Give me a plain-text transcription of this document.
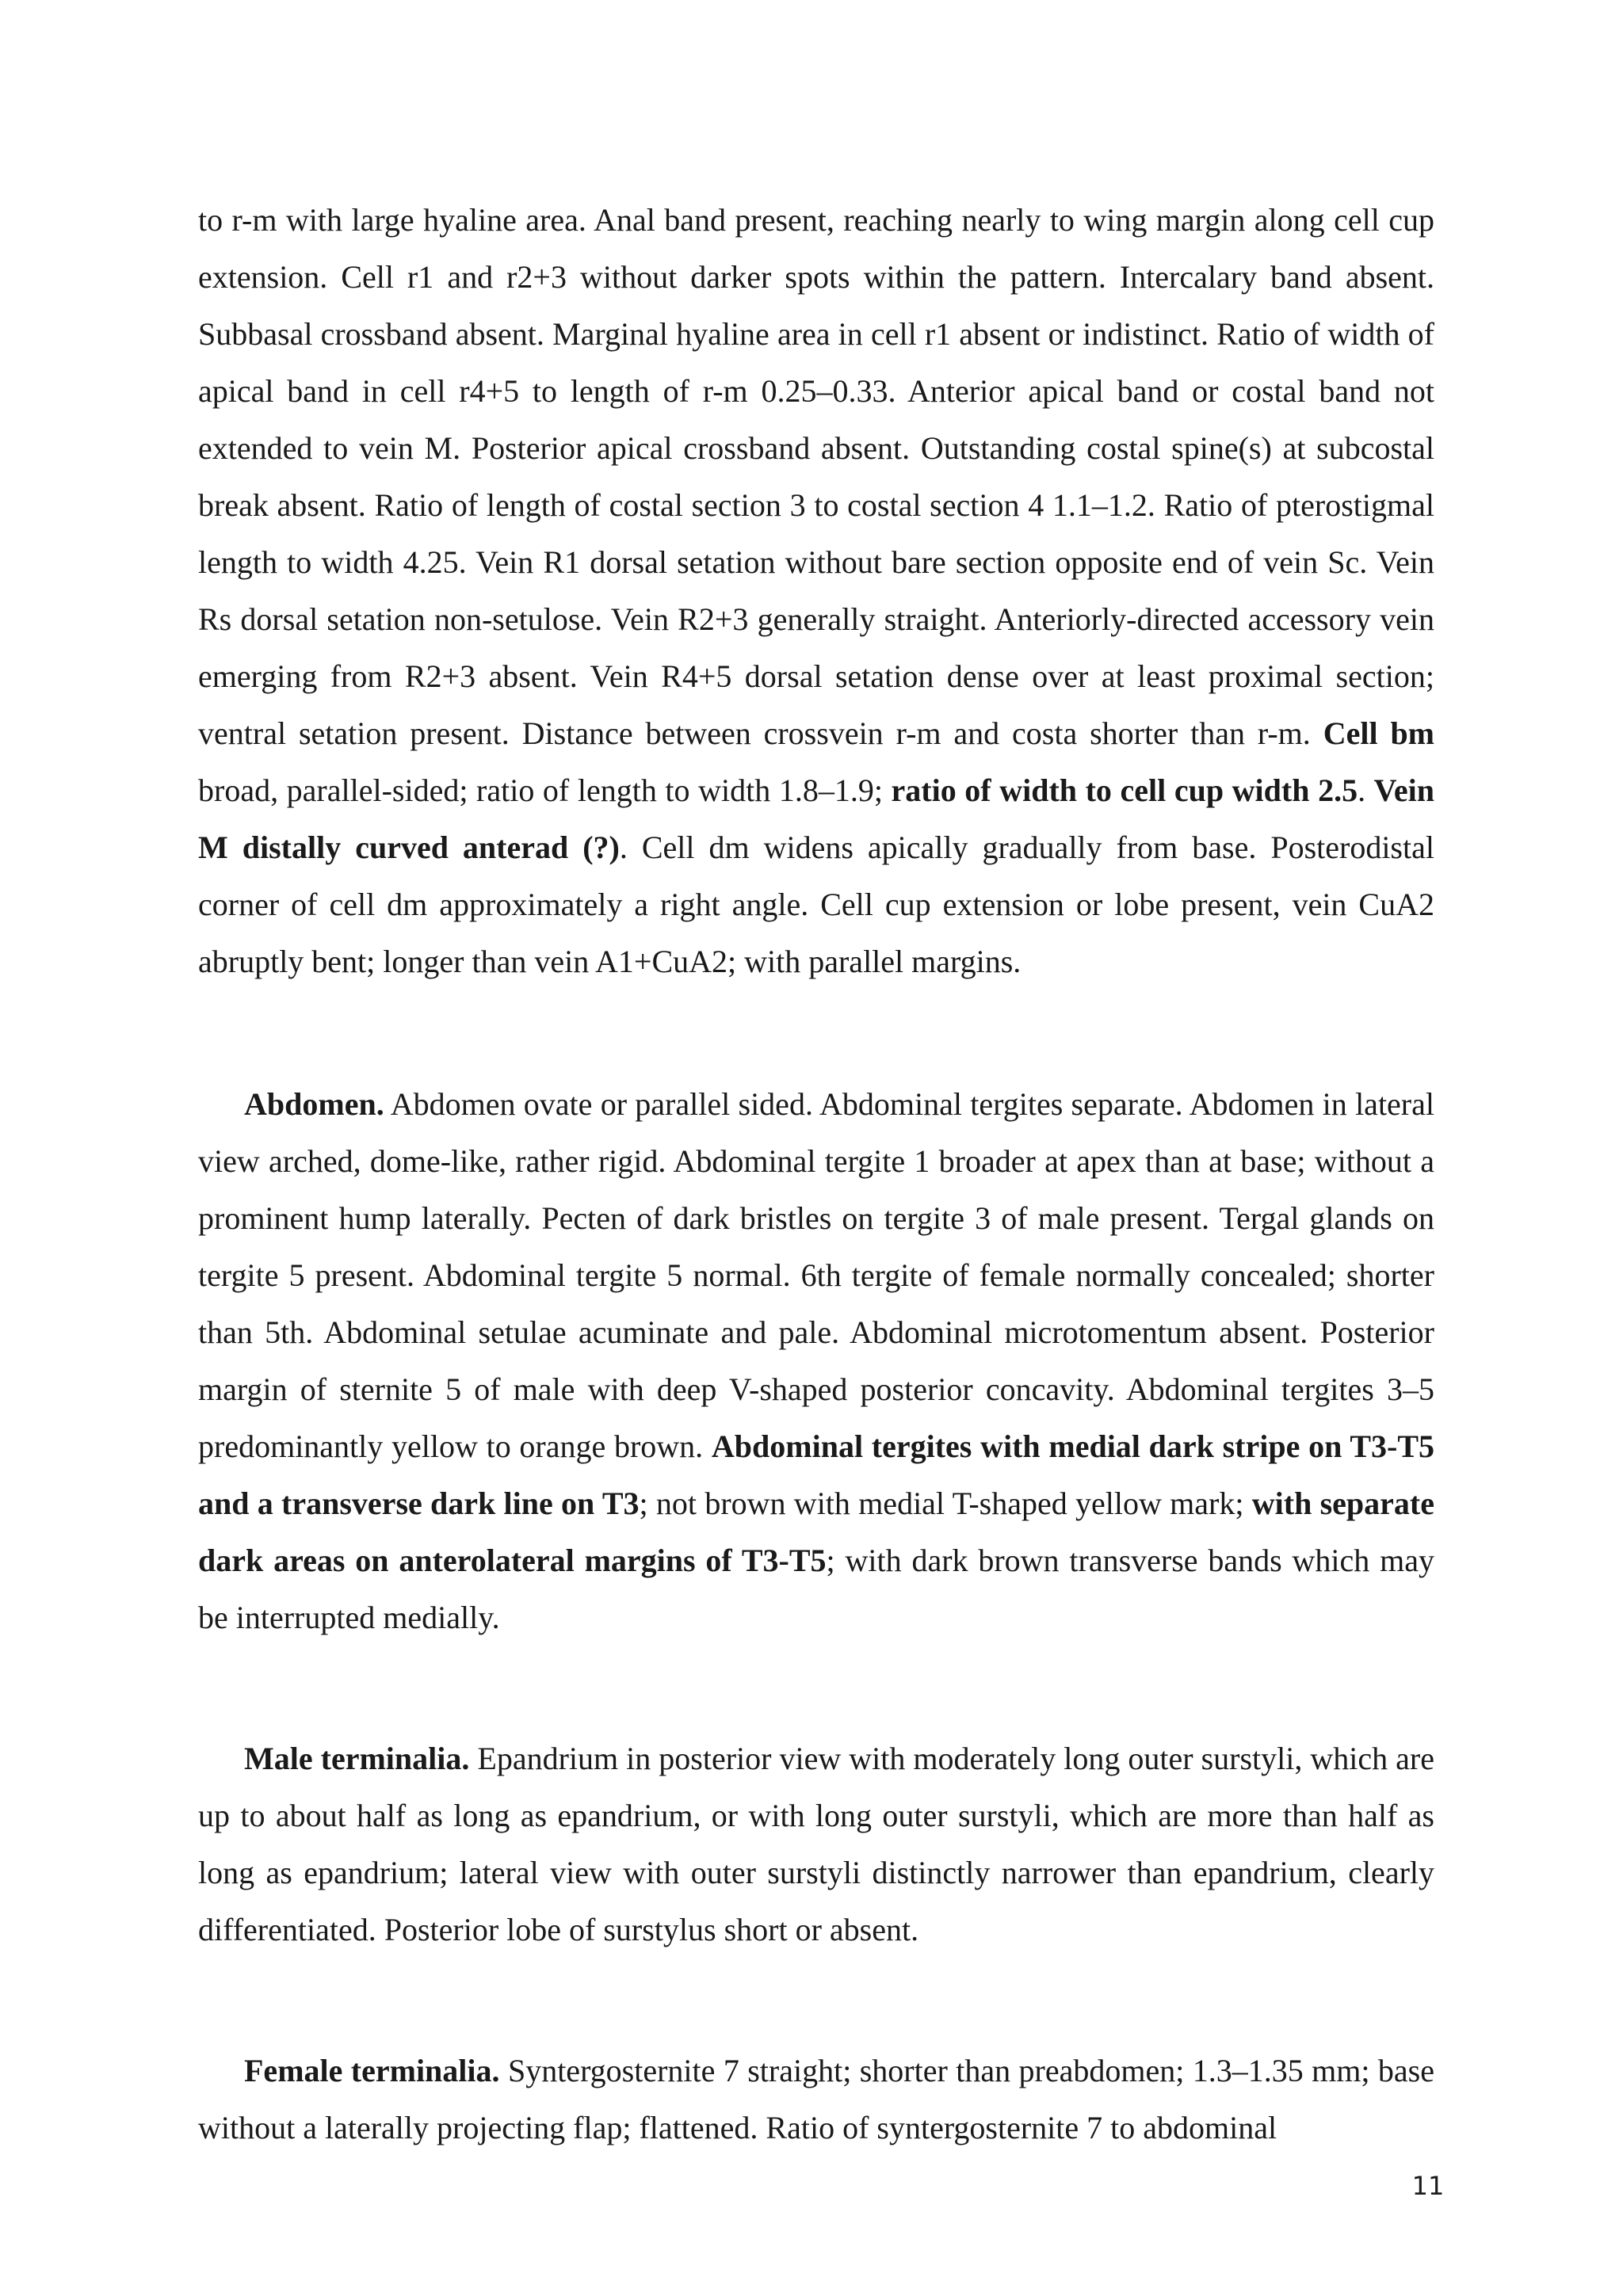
to r-m with large hyaline area. Anal band present, reaching nearly to wing margin along cell cup extension. Cell r1 and r2+3 without darker spots within the pattern. Intercalary band absent. Subbasal crossband absent. Marginal hyaline area in cell r1 absent or indistinct. Ratio of width of apical band in cell r4+5 to length of r-m 0.25–0.33. Anterior apical band or costal band not extended to vein M. Posterior apical crossband absent. Outstanding costal spine(s) at subcostal break absent. Ratio of length of costal section 3 to costal section 4 1.1–1.2. Ratio of pterostigmal length to width 4.25. Vein R1 dorsal setation without bare section opposite end of vein Sc. Vein Rs dorsal setation non-setulose. Vein R2+3 generally straight. Anteriorly-directed accessory vein emerging from R2+3 absent. Vein R4+5 dorsal setation dense over at least proximal section; ventral setation present. Distance between crossvein r-m and costa shorter than r-m. Cell bm broad, parallel-sided; ratio of length to width 1.8–1.9; ratio of width to cell cup width 2.5. Vein M distally curved anterad (?). Cell dm widens apically gradually from base. Posterodistal corner of cell dm approximately a right angle. Cell cup extension or lobe present, vein CuA2 abruptly bent; longer than vein A1+CuA2; with parallel margins.

Abdomen. Abdomen ovate or parallel sided. Abdominal tergites separate. Abdomen in lateral view arched, dome-like, rather rigid. Abdominal tergite 1 broader at apex than at base; without a prominent hump laterally. Pecten of dark bristles on tergite 3 of male present. Tergal glands on tergite 5 present. Abdominal tergite 5 normal. 6th tergite of female normally concealed; shorter than 5th. Abdominal setulae acuminate and pale. Abdominal microtomentum absent. Posterior margin of sternite 5 of male with deep V-shaped posterior concavity. Abdominal tergites 3–5 predominantly yellow to orange brown. Abdominal tergites with medial dark stripe on T3-T5 and a transverse dark line on T3; not brown with medial T-shaped yellow mark; with separate dark areas on anterolateral margins of T3-T5; with dark brown transverse bands which may be interrupted medially.

Male terminalia. Epandrium in posterior view with moderately long outer surstyli, which are up to about half as long as epandrium, or with long outer surstyli, which are more than half as long as epandrium; lateral view with outer surstyli distinctly narrower than epandrium, clearly differentiated. Posterior lobe of surstylus short or absent.

Female terminalia. Syntergosternite 7 straight; shorter than preabdomen; 1.3–1.35 mm; base without a laterally projecting flap; flattened. Ratio of syntergosternite 7 to abdominal

11
